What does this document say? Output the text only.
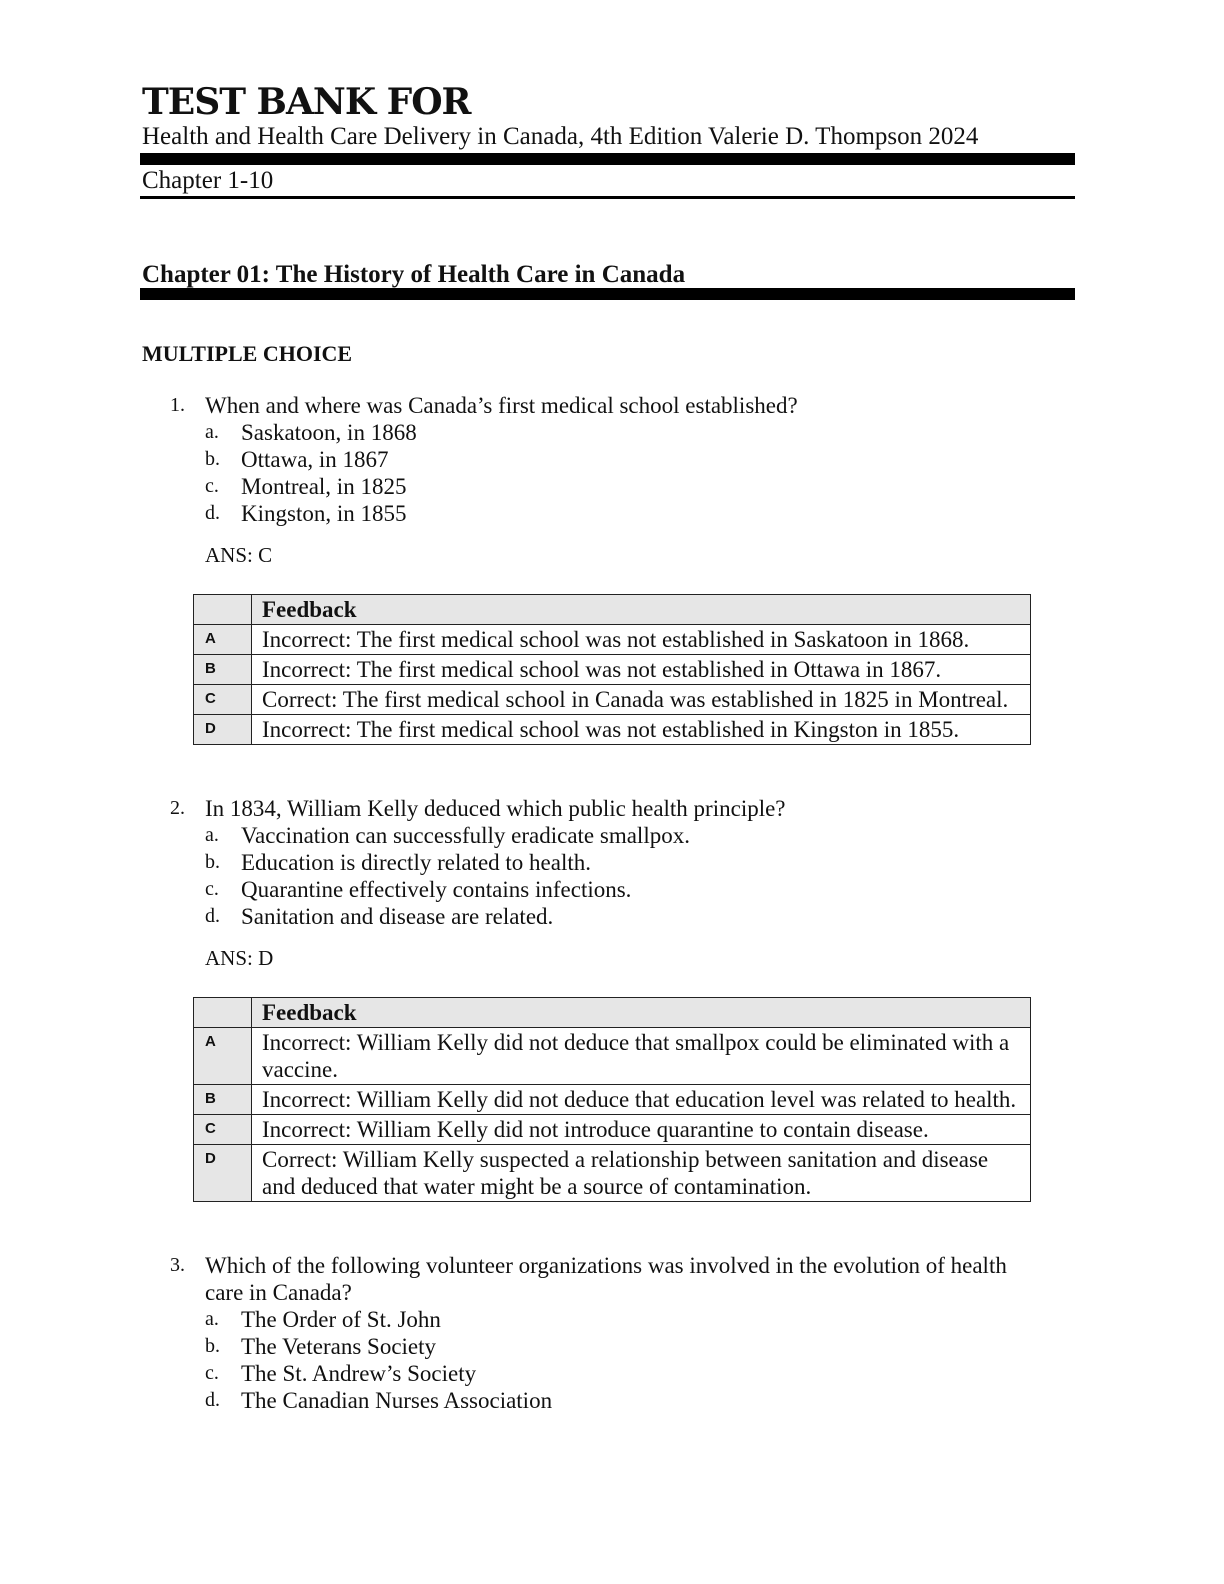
TEST BANK FOR
Health and Health Care Delivery in Canada, 4th Edition Valerie D. Thompson 2024
Chapter 1-10
Chapter 01: The History of Health Care in Canada
MULTIPLE CHOICE
1. When and where was Canada’s first medical school established?
a. Saskatoon, in 1868
b. Ottawa, in 1867
c. Montreal, in 1825
d. Kingston, in 1855
ANS: C
	Feedback
A	Incorrect: The first medical school was not established in Saskatoon in 1868.
B	Incorrect: The first medical school was not established in Ottawa in 1867.
C	Correct: The first medical school in Canada was established in 1825 in Montreal.
D	Incorrect: The first medical school was not established in Kingston in 1855.
2. In 1834, William Kelly deduced which public health principle?
a. Vaccination can successfully eradicate smallpox.
b. Education is directly related to health.
c. Quarantine effectively contains infections.
d. Sanitation and disease are related.
ANS: D
	Feedback
A	Incorrect: William Kelly did not deduce that smallpox could be eliminated with a vaccine.
B	Incorrect: William Kelly did not deduce that education level was related to health.
C	Incorrect: William Kelly did not introduce quarantine to contain disease.
D	Correct: William Kelly suspected a relationship between sanitation and disease and deduced that water might be a source of contamination.
3. Which of the following volunteer organizations was involved in the evolution of health care in Canada?
a. The Order of St. John
b. The Veterans Society
c. The St. Andrew’s Society
d. The Canadian Nurses Association
